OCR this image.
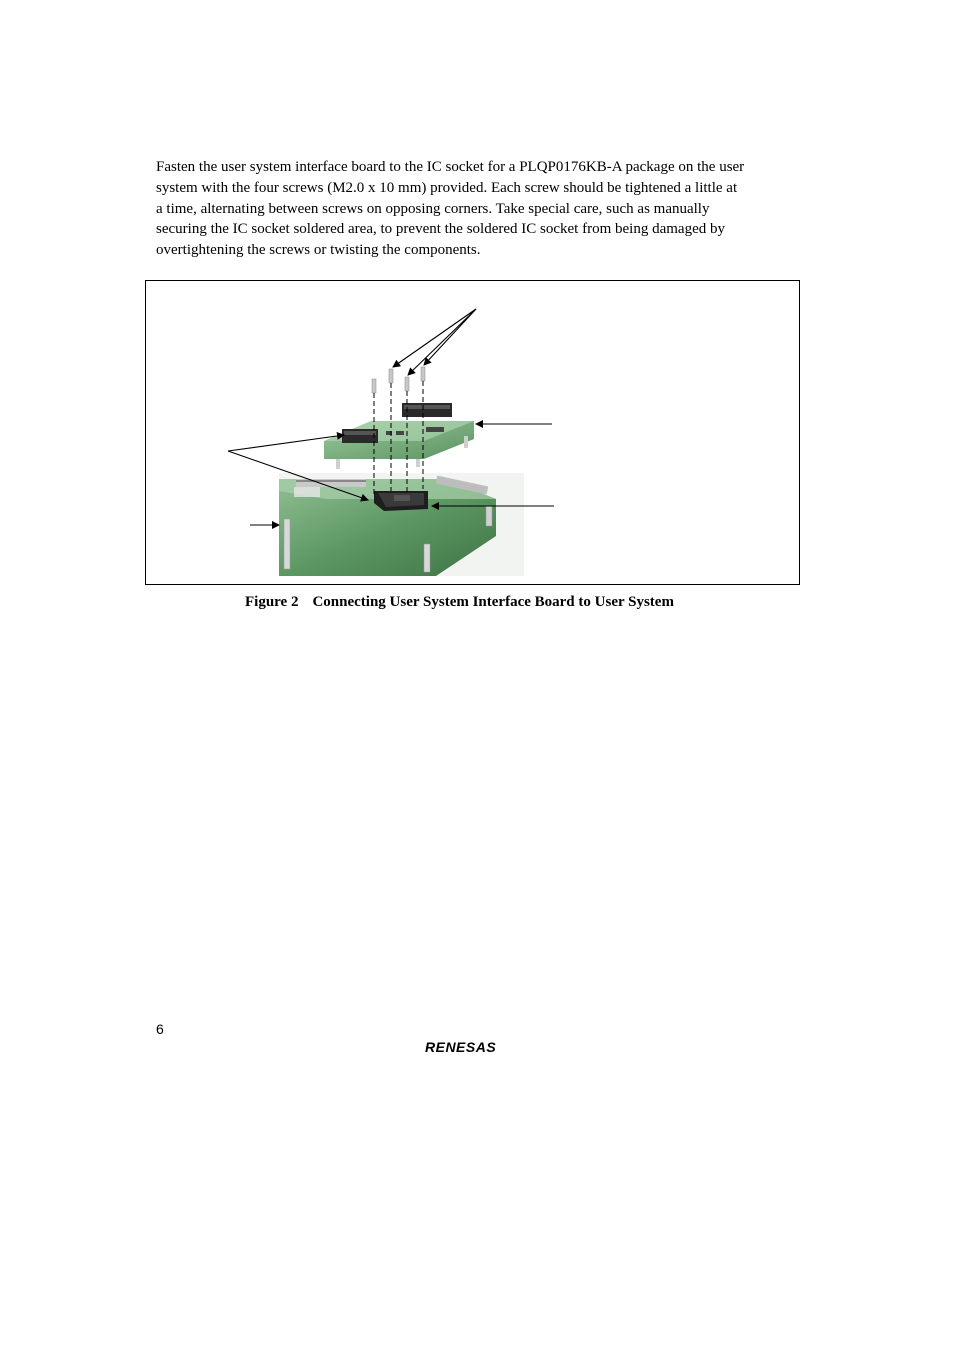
Fasten the user system interface board to the IC socket for a PLQP0176KB-A package on the user
system with the four screws (M2.0 x 10 mm) provided. Each screw should be tightened a little at
a time, alternating between screws on opposing corners. Take special care, such as manually
securing the IC socket soldered area, to prevent the soldered IC socket from being damaged by
overtightening the screws or twisting the components.

Figure 2 Connecting User System Interface Board to User System
6
RENESAS
